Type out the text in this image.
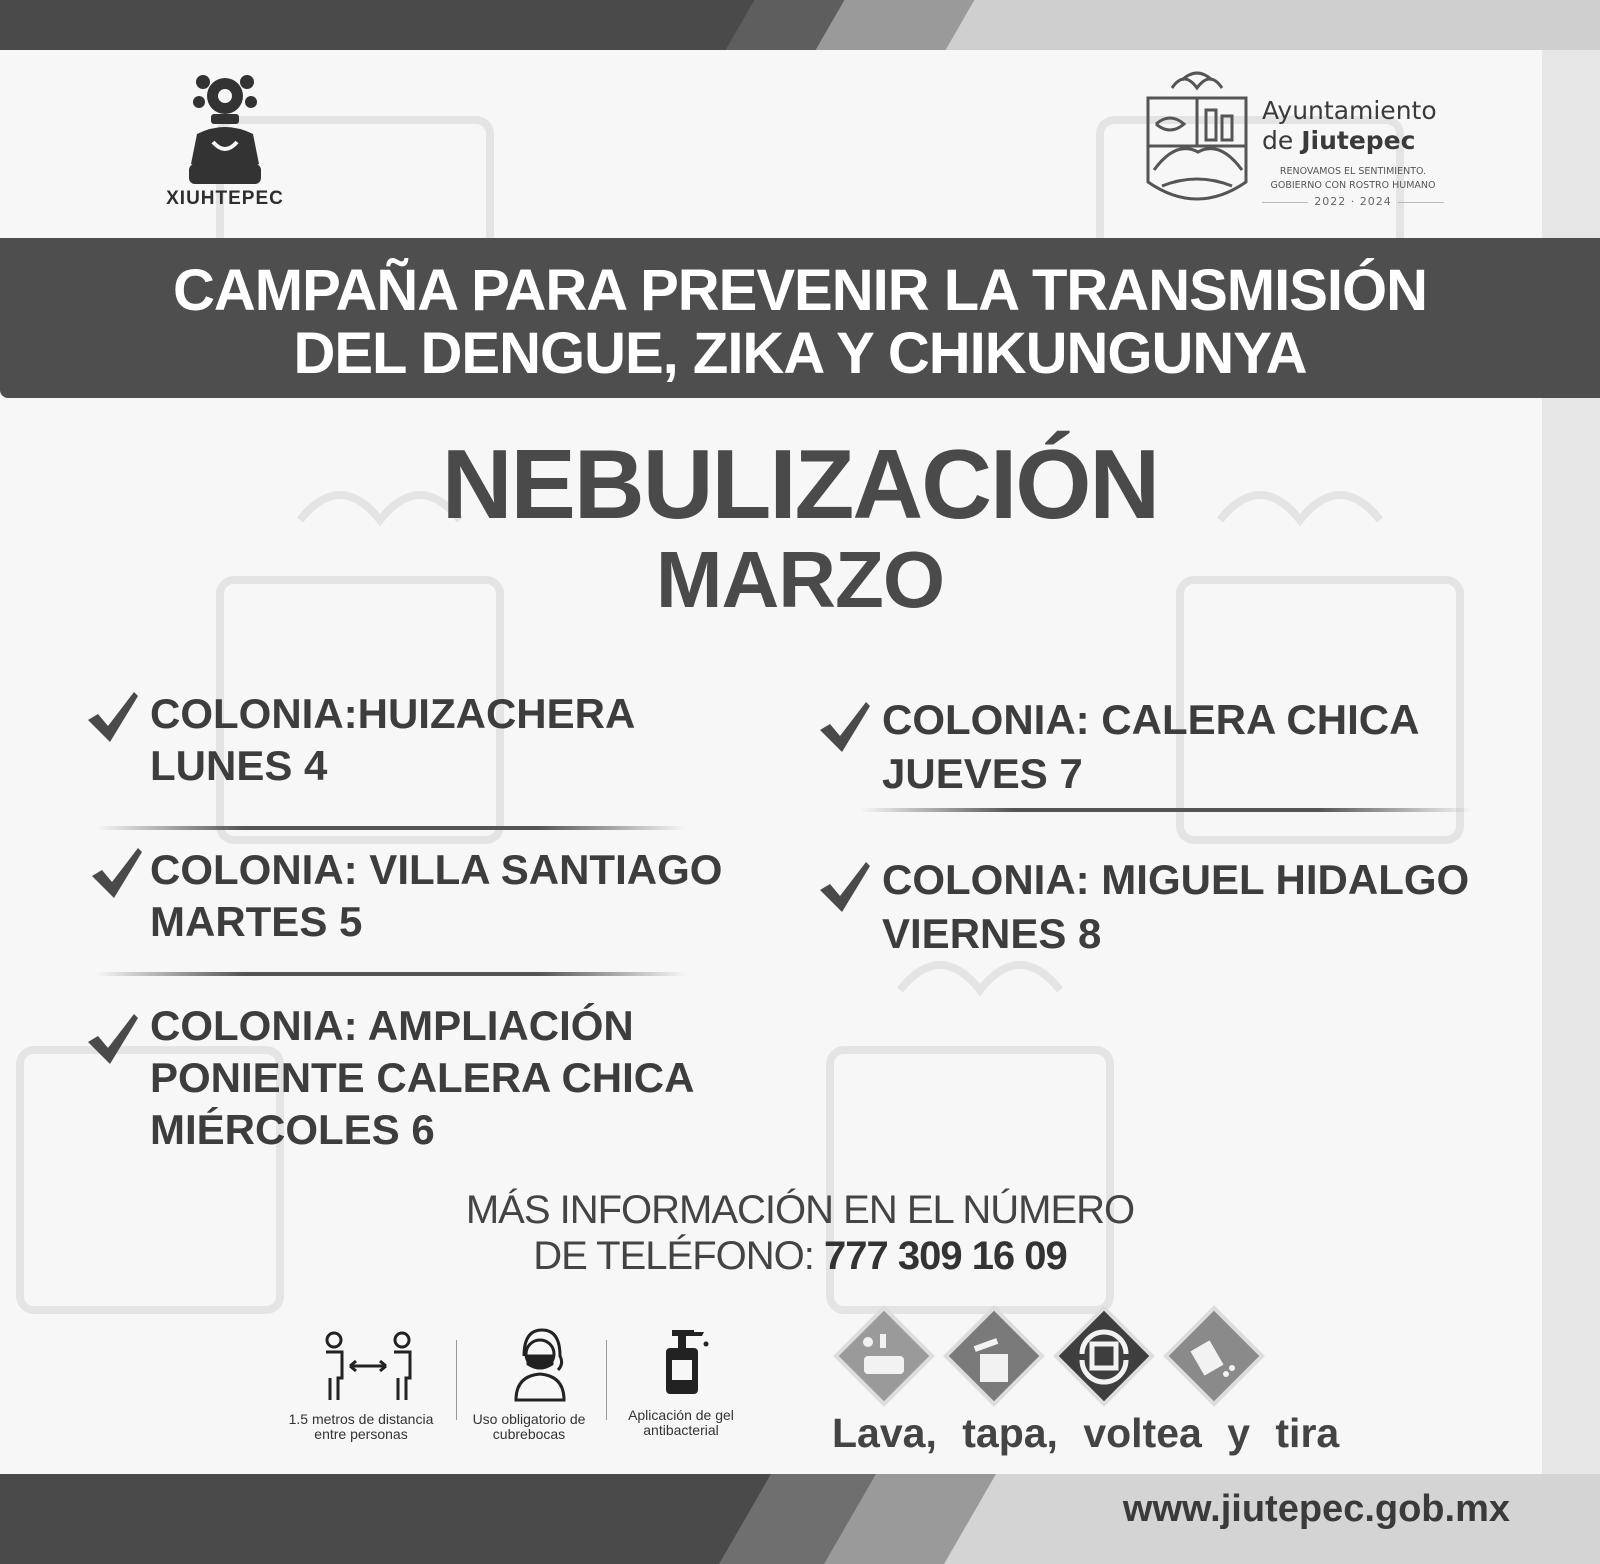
XIUHTEPEC
Ayuntamiento
de Jiutepec
RENOVAMOS EL SENTIMIENTO.
GOBIERNO CON ROSTRO HUMANO
2022 · 2024
CAMPAÑA PARA PREVENIR LA TRANSMISIÓN
DEL DENGUE, ZIKA Y CHIKUNGUNYA
NEBULIZACIÓN
MARZO
COLONIA:HUIZACHERA
LUNES 4
COLONIA: VILLA SANTIAGO
MARTES 5
COLONIA: AMPLIACIÓN
PONIENTE CALERA CHICA
MIÉRCOLES 6
COLONIA: CALERA CHICA
JUEVES 7
COLONIA: MIGUEL HIDALGO
VIERNES 8
MÁS INFORMACIÓN EN EL NÚMERO
DE TELÉFONO: 777 309 16 09
1.5 metros de distancia
entre personas
Uso obligatorio de
cubrebocas
Aplicación de gel
antibacterial	Lava, tapa, voltea y tira
www.jiutepec.gob.mx
